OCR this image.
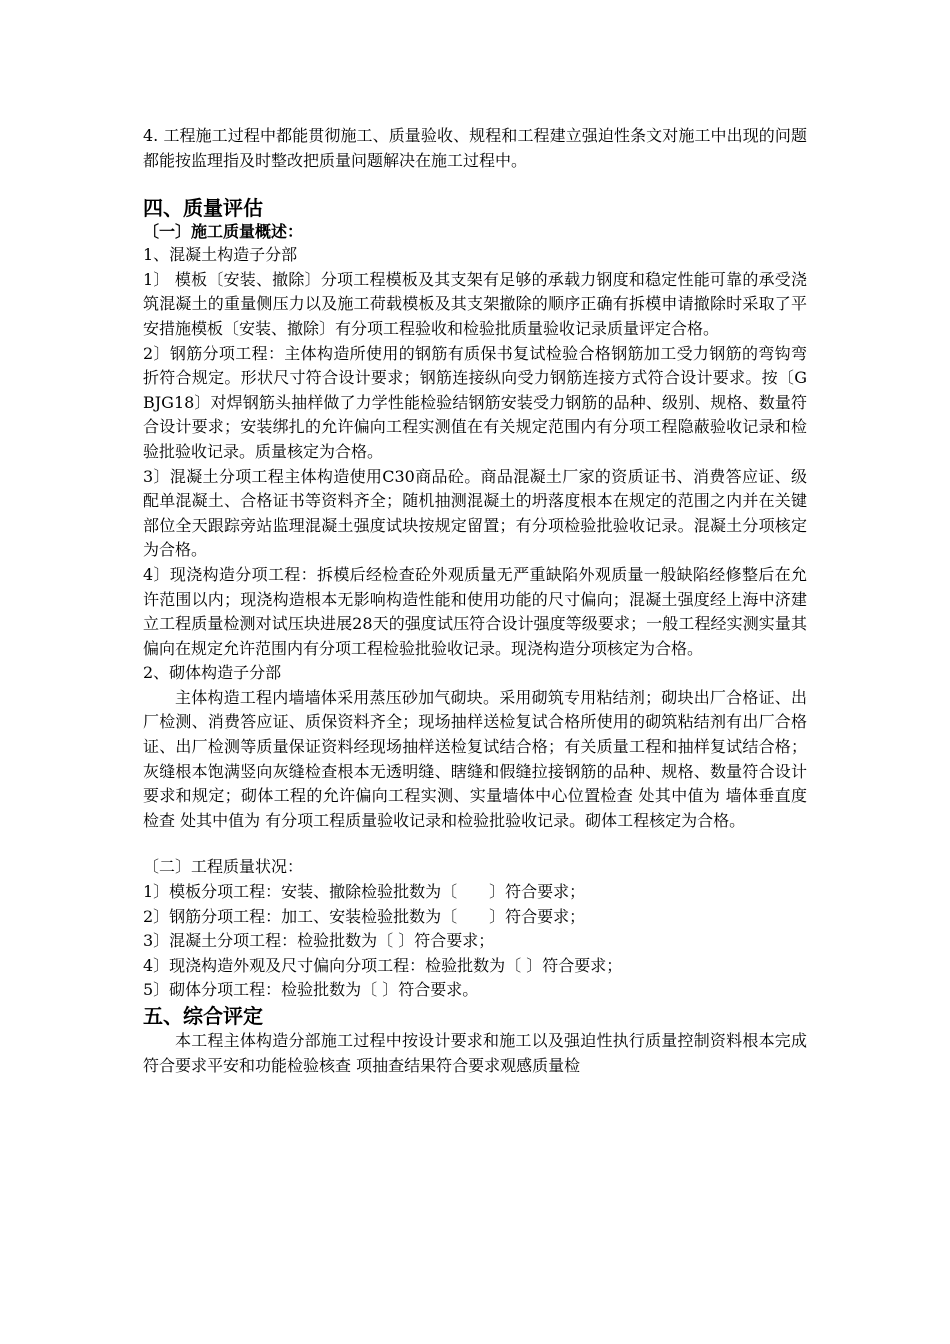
4. 工程施工过程中都能贯彻施工、质量验收、规程和工程建立强迫性条文对施工中出现的问题都能按监理指及时整改把质量问题解决在施工过程中。

四、质量评估
〔一〕施工质量概述：

1、混凝土构造子分部

1〕 模板〔安装、撤除〕分项工程模板及其支架有足够的承载力钢度和稳定性能可靠的承受浇筑混凝土的重量侧压力以及施工荷载模板及其支架撤除的顺序正确有拆模申请撤除时采取了平安措施模板〔安装、撤除〕有分项工程验收和检验批质量验收记录质量评定合格。

2〕钢筋分项工程：主体构造所使用的钢筋有质保书复试检验合格钢筋加工受力钢筋的弯钩弯折符合规定。形状尺寸符合设计要求；钢筋连接纵向受力钢筋连接方式符合设计要求。按〔GBJG18〕对焊钢筋头抽样做了力学性能检验结钢筋安装受力钢筋的品种、级别、规格、数量符合设计要求；安装绑扎的允许偏向工程实测值在有关规定范围内有分项工程隐蔽验收记录和检验批验收记录。质量核定为合格。

3〕混凝土分项工程主体构造使用C30商品砼。商品混凝土厂家的资质证书、消费答应证、级配单混凝土、合格证书等资料齐全；随机抽测混凝土的坍落度根本在规定的范围之内并在关键部位全天跟踪旁站监理混凝土强度试块按规定留置；有分项检验批验收记录。混凝土分项核定为合格。

4〕现浇构造分项工程：拆模后经检查砼外观质量无严重缺陷外观质量一般缺陷经修整后在允许范围以内；现浇构造根本无影响构造性能和使用功能的尺寸偏向；混凝土强度经上海中济建立工程质量检测对试压块进展28天的强度试压符合设计强度等级要求；一般工程经实测实量其偏向在规定允许范围内有分项工程检验批验收记录。现浇构造分项核定为合格。

2、砌体构造子分部

主体构造工程内墙墙体采用蒸压砂加气砌块。采用砌筑专用粘结剂；砌块出厂合格证、出厂检测、消费答应证、质保资料齐全；现场抽样送检复试合格所使用的砌筑粘结剂有出厂合格证、出厂检测等质量保证资料经现场抽样送检复试结合格；有关质量工程和抽样复试结合格；灰缝根本饱满竖向灰缝检查根本无透明缝、瞎缝和假缝拉接钢筋的品种、规格、数量符合设计要求和规定；砌体工程的允许偏向工程实测、实量墙体中心位置检查 处其中值为 墙体垂直度检查 处其中值为 有分项工程质量验收记录和检验批验收记录。砌体工程核定为合格。

〔二〕工程质量状况：

1〕模板分项工程：安装、撤除检验批数为〔　　〕符合要求；

2〕钢筋分项工程：加工、安装检验批数为〔　　〕符合要求；

3〕混凝土分项工程：检验批数为〔 〕符合要求；

4〕现浇构造外观及尺寸偏向分项工程：检验批数为〔 〕符合要求；

5〕砌体分项工程：检验批数为〔 〕符合要求。

五、综合评定

本工程主体构造分部施工过程中按设计要求和施工以及强迫性执行质量控制资料根本完成符合要求平安和功能检验核查 项抽查结果符合要求观感质量检
